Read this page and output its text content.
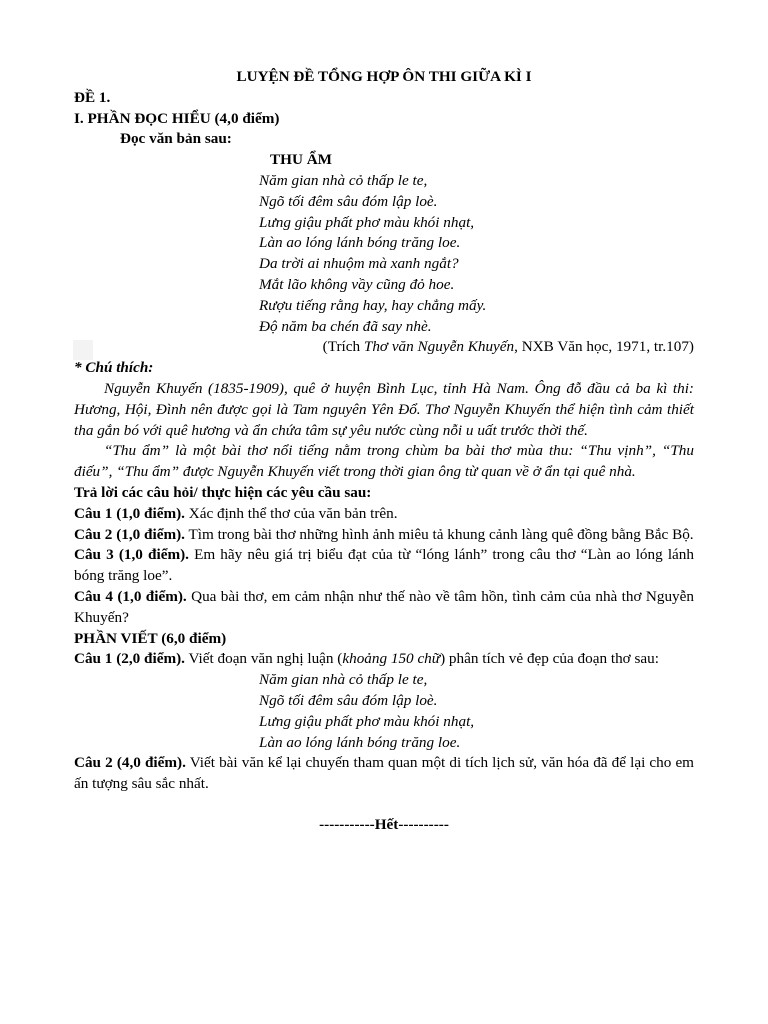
LUYỆN ĐỀ TỔNG HỢP ÔN THI GIỮA KÌ I

ĐỀ 1.

I. PHẦN ĐỌC HIỂU (4,0 điểm)

Đọc văn bản sau:

THU ẨM

Năm gian nhà cỏ thấp le te,

Ngõ tối đêm sâu đóm lập loè.

Lưng giậu phất phơ màu khói nhạt,

Làn ao lóng lánh bóng trăng loe.

Da trời ai nhuộm mà xanh ngắt?

Mắt lão không vầy cũng đỏ hoe.

Rượu tiếng rằng hay, hay chẳng mấy.

Độ năm ba chén đã say nhè.

(Trích Thơ văn Nguyễn Khuyến, NXB Văn học, 1971, tr.107)

* Chú thích:

Nguyễn Khuyến (1835-1909), quê ở huyện Bình Lục, tỉnh Hà Nam. Ông đỗ đầu cả ba kì thi: Hương, Hội, Đình nên được gọi là Tam nguyên Yên Đổ. Thơ Nguyễn Khuyến thể hiện tình cảm thiết tha gắn bó với quê hương và ẩn chứa tâm sự yêu nước cùng nỗi u uất trước thời thế.

“Thu ẩm” là một bài thơ nổi tiếng nằm trong chùm ba bài thơ mùa thu: “Thu vịnh”, “Thu điếu”, “Thu ẩm” được Nguyễn Khuyến viết trong thời gian ông từ quan về ở ẩn tại quê nhà.

Trả lời các câu hỏi/ thực hiện các yêu cầu sau:

Câu 1 (1,0 điểm). Xác định thể thơ của văn bản trên.

Câu 2 (1,0 điểm). Tìm trong bài thơ những hình ảnh miêu tả khung cảnh làng quê đồng bằng Bắc Bộ.

Câu 3 (1,0 điểm). Em hãy nêu giá trị biểu đạt của từ “lóng lánh” trong câu thơ “Làn ao lóng lánh bóng trăng loe”.

Câu 4 (1,0 điểm). Qua bài thơ, em cảm nhận như thế nào về tâm hồn, tình cảm của nhà thơ Nguyễn Khuyến?

PHẦN VIẾT (6,0 điểm)

Câu 1 (2,0 điểm). Viết đoạn văn nghị luận (khoảng 150 chữ) phân tích vẻ đẹp của đoạn thơ sau:

Năm gian nhà cỏ thấp le te,

Ngõ tối đêm sâu đóm lập loè.

Lưng giậu phất phơ màu khói nhạt,

Làn ao lóng lánh bóng trăng loe.

Câu 2 (4,0 điểm). Viết bài văn kể lại chuyến tham quan một di tích lịch sử, văn hóa đã để lại cho em ấn tượng sâu sắc nhất.

-----------Hết----------
